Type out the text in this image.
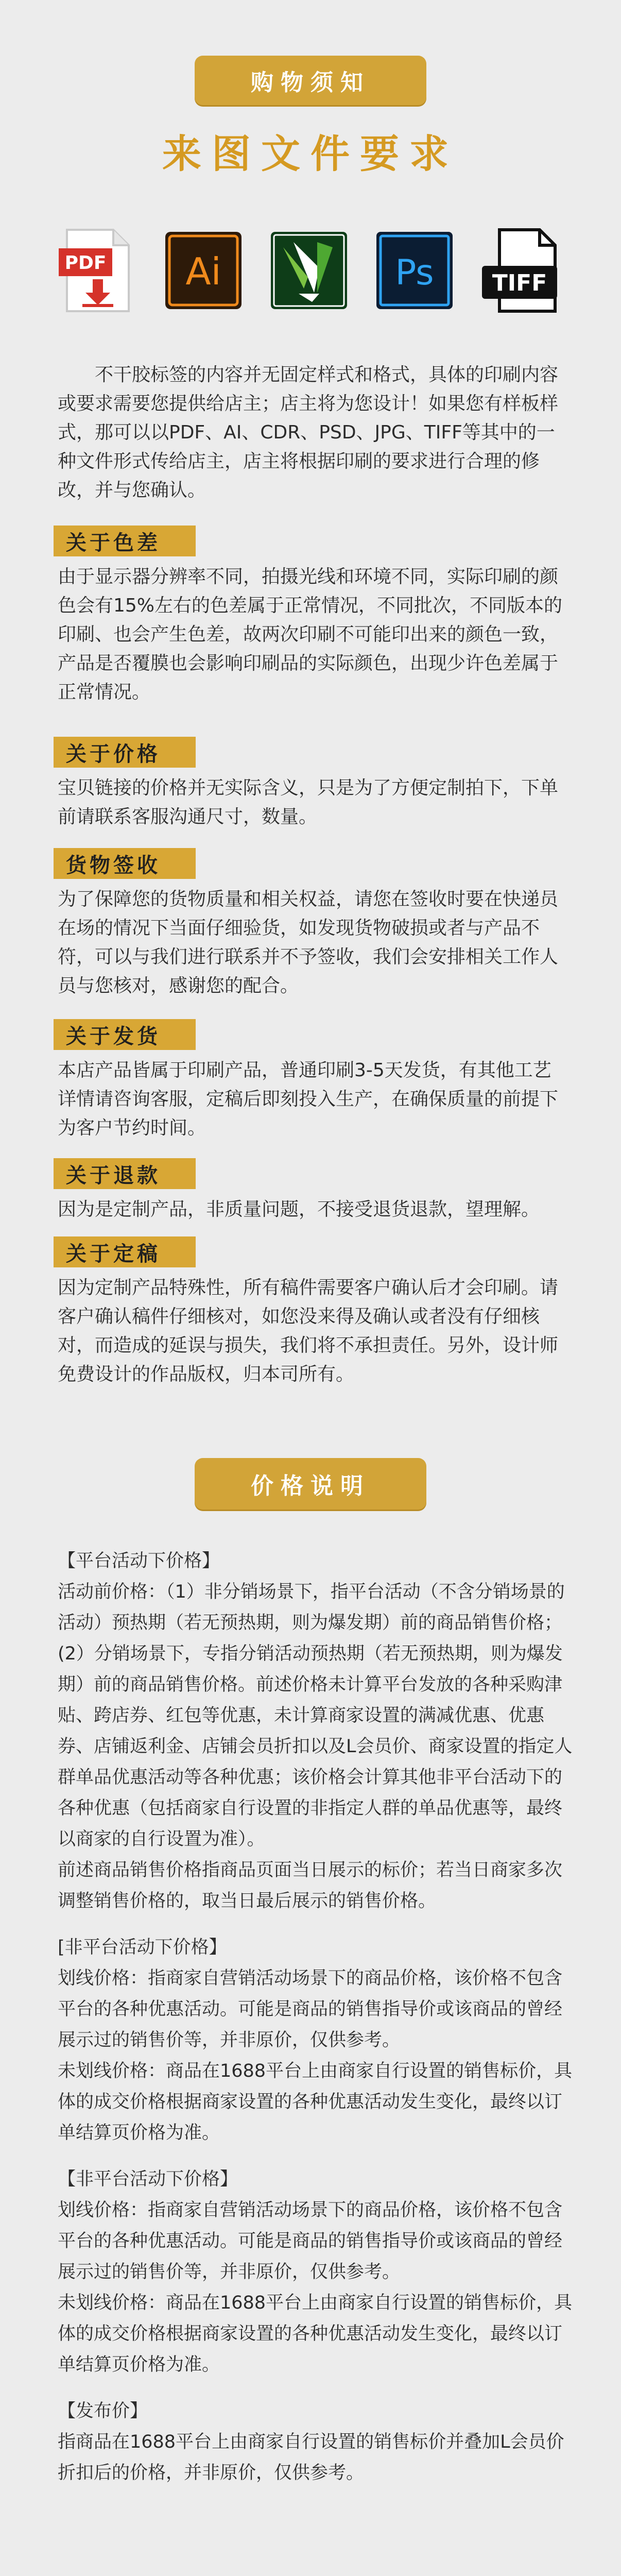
购物须知
来图文件要求
PDF Ai	Ps	TIFF

不干胶标签的内容并无固定样式和格式，具体的印刷内容或要求需要您提供给店主；店主将为您设计！如果您有样板样式，那可以以PDF、AI、CDR、PSD、JPG、TIFF等其中的一种文件形式传给店主，店主将根据印刷的要求进行合理的修改，并与您确认。

关于色差

由于显示器分辨率不同，拍摄光线和环境不同，实际印刷的颜色会有15%左右的色差属于正常情况，不同批次，不同版本的印刷、也会产生色差，故两次印刷不可能印出来的颜色一致，产品是否覆膜也会影响印刷品的实际颜色，出现少许色差属于正常情况。

关于价格

宝贝链接的价格并无实际含义，只是为了方便定制拍下，下单前请联系客服沟通尺寸，数量。

货物签收

为了保障您的货物质量和相关权益，请您在签收时要在快递员在场的情况下当面仔细验货，如发现货物破损或者与产品不符，可以与我们进行联系并不予签收，我们会安排相关工作人员与您核对，感谢您的配合。

关于发货

本店产品皆属于印刷产品，普通印刷3-5天发货，有其他工艺详情请咨询客服，定稿后即刻投入生产，在确保质量的前提下为客户节约时间。

关于退款

因为是定制产品，非质量问题，不接受退货退款，望理解。

关于定稿

因为定制产品特殊性，所有稿件需要客户确认后才会印刷。请客户确认稿件仔细核对，如您没来得及确认或者没有仔细核对，而造成的延误与损失，我们将不承担责任。另外，设计师免费设计的作品版权，归本司所有。

价格说明

【平台活动下价格】

活动前价格：（1）非分销场景下，指平台活动（不含分销场景的活动）预热期（若无预热期，则为爆发期）前的商品销售价格；(2）分销场景下，专指分销活动预热期（若无预热期，则为爆发期）前的商品销售价格。前述价格未计算平台发放的各种采购津贴、跨店券、红包等优惠，未计算商家设置的满减优惠、优惠券、店铺返利金、店铺会员折扣以及L会员价、商家设置的指定人群单品优惠活动等各种优惠；该价格会计算其他非平台活动下的各种优惠（包括商家自行设置的非指定人群的单品优惠等，最终以商家的自行设置为准）。

前述商品销售价格指商品页面当日展示的标价；若当日商家多次调整销售价格的，取当日最后展示的销售价格。

[非平台活动下价格】

划线价格：指商家自营销活动场景下的商品价格，该价格不包含平台的各种优惠活动。可能是商品的销售指导价或该商品的曾经展示过的销售价等，并非原价，仅供参考。

未划线价格：商品在1688平台上由商家自行设置的销售标价，具体的成交价格根据商家设置的各种优惠活动发生变化，最终以订单结算页价格为准。

【非平台活动下价格】

划线价格：指商家自营销活动场景下的商品价格，该价格不包含平台的各种优惠活动。可能是商品的销售指导价或该商品的曾经展示过的销售价等，并非原价，仅供参考。

未划线价格：商品在1688平台上由商家自行设置的销售标价，具体的成交价格根据商家设置的各种优惠活动发生变化，最终以订单结算页价格为准。

【发布价】

指商品在1688平台上由商家自行设置的销售标价并叠加L会员价折扣后的价格，并非原价，仅供参考。
